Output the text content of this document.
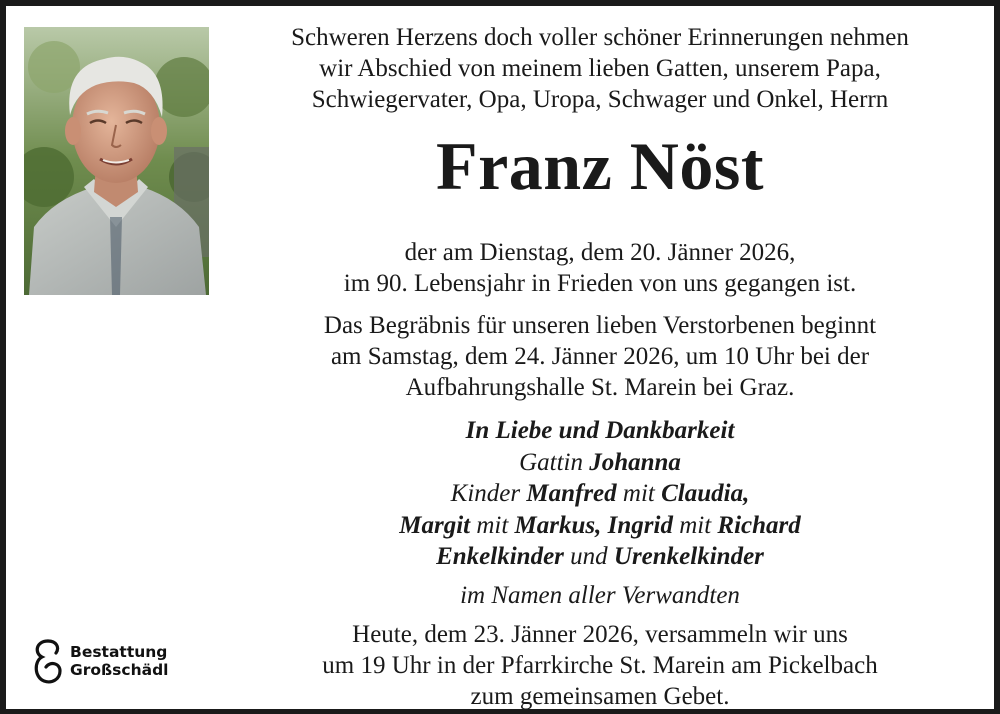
Bestattung
Großschädl

Schweren Herzens doch voller schöner Erinnerungen nehmen
wir Abschied von meinem lieben Gatten, unserem Papa,
Schwiegervater, Opa, Uropa, Schwager und Onkel, Herrn

Franz Nöst

der am Dienstag, dem 20. Jänner 2026,
im 90. Lebensjahr in Frieden von uns gegangen ist.

Das Begräbnis für unseren lieben Verstorbenen beginnt
am Samstag, dem 24. Jänner 2026, um 10 Uhr bei der
Aufbahrungshalle St. Marein bei Graz.

In Liebe und Dankbarkeit
Gattin Johanna
Kinder Manfred mit Claudia,
Margit mit Markus, Ingrid mit Richard
Enkelkinder und Urenkelkinder

im Namen aller Verwandten

Heute, dem 23. Jänner 2026, versammeln wir uns
um 19 Uhr in der Pfarrkirche St. Marein am Pickelbach
zum gemeinsamen Gebet.
